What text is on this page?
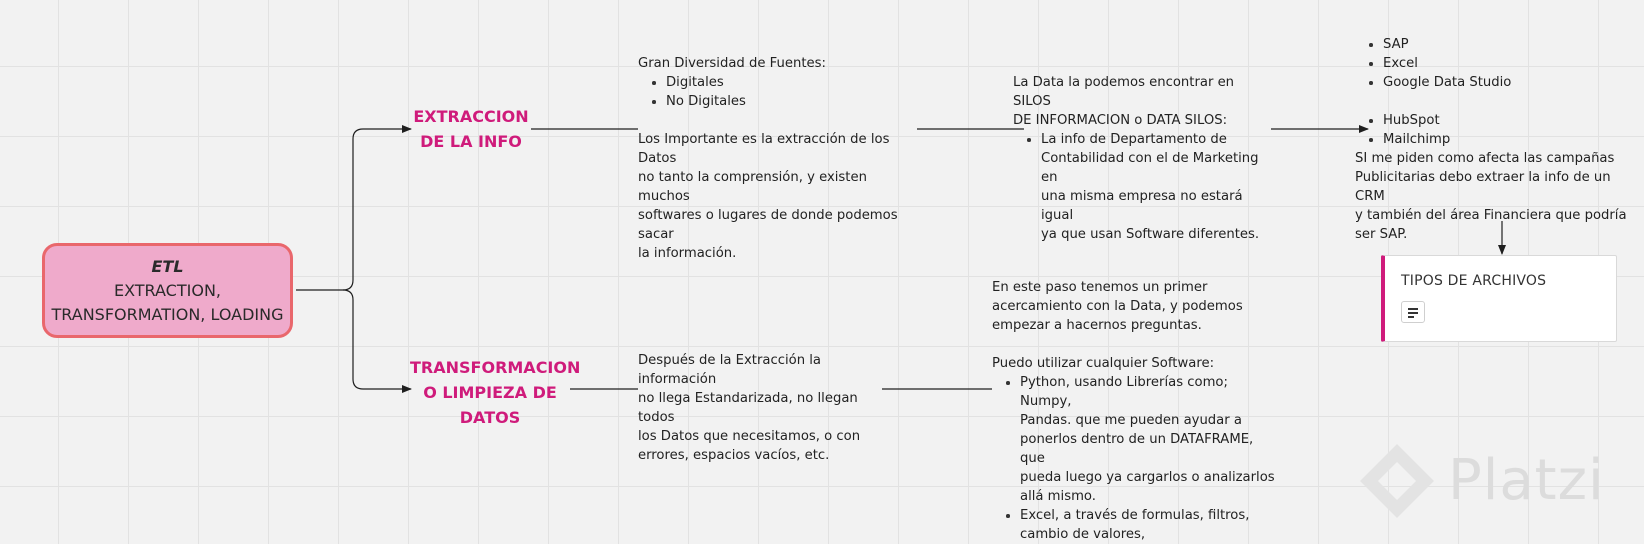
ETL
EXTRACTION,
TRANSFORMATION, LOADING
EXTRACCION
DE LA INFO
TRANSFORMACION
O LIMPIEZA DE
DATOS
Gran Diversidad de Fuentes:
Digitales
No Digitales
Los Importante es la extracción de los Datos
no tanto la comprensión, y existen muchos
softwares o lugares de donde podemos sacar
la información.
La Data la podemos encontrar en SILOS
DE INFORMACION o DATA SILOS:
La info de Departamento de
Contabilidad con el de Marketing en
una misma empresa no estará igual
ya que usan Software diferentes.
SAP
Excel
Google Data Studio
HubSpot
Mailchimp
SI me piden como afecta las campañas
Publicitarias debo extraer la info de un CRM
y también del área Financiera que podría
ser SAP.
TIPOS DE ARCHIVOS
Después de la Extracción la información
no llega Estandarizada, no llegan todos
los Datos que necesitamos, o con
errores, espacios vacíos, etc.
En este paso tenemos un primer
acercamiento con la Data, y podemos
empezar a hacernos preguntas.
Puedo utilizar cualquier Software:
Python, usando Librerías como; Numpy,
Pandas. que me pueden ayudar a
ponerlos dentro de un DATAFRAME, que
pueda luego ya cargarlos o analizarlos
allá mismo.
Excel, a través de formulas, filtros,
cambio de valores,
Platzi
